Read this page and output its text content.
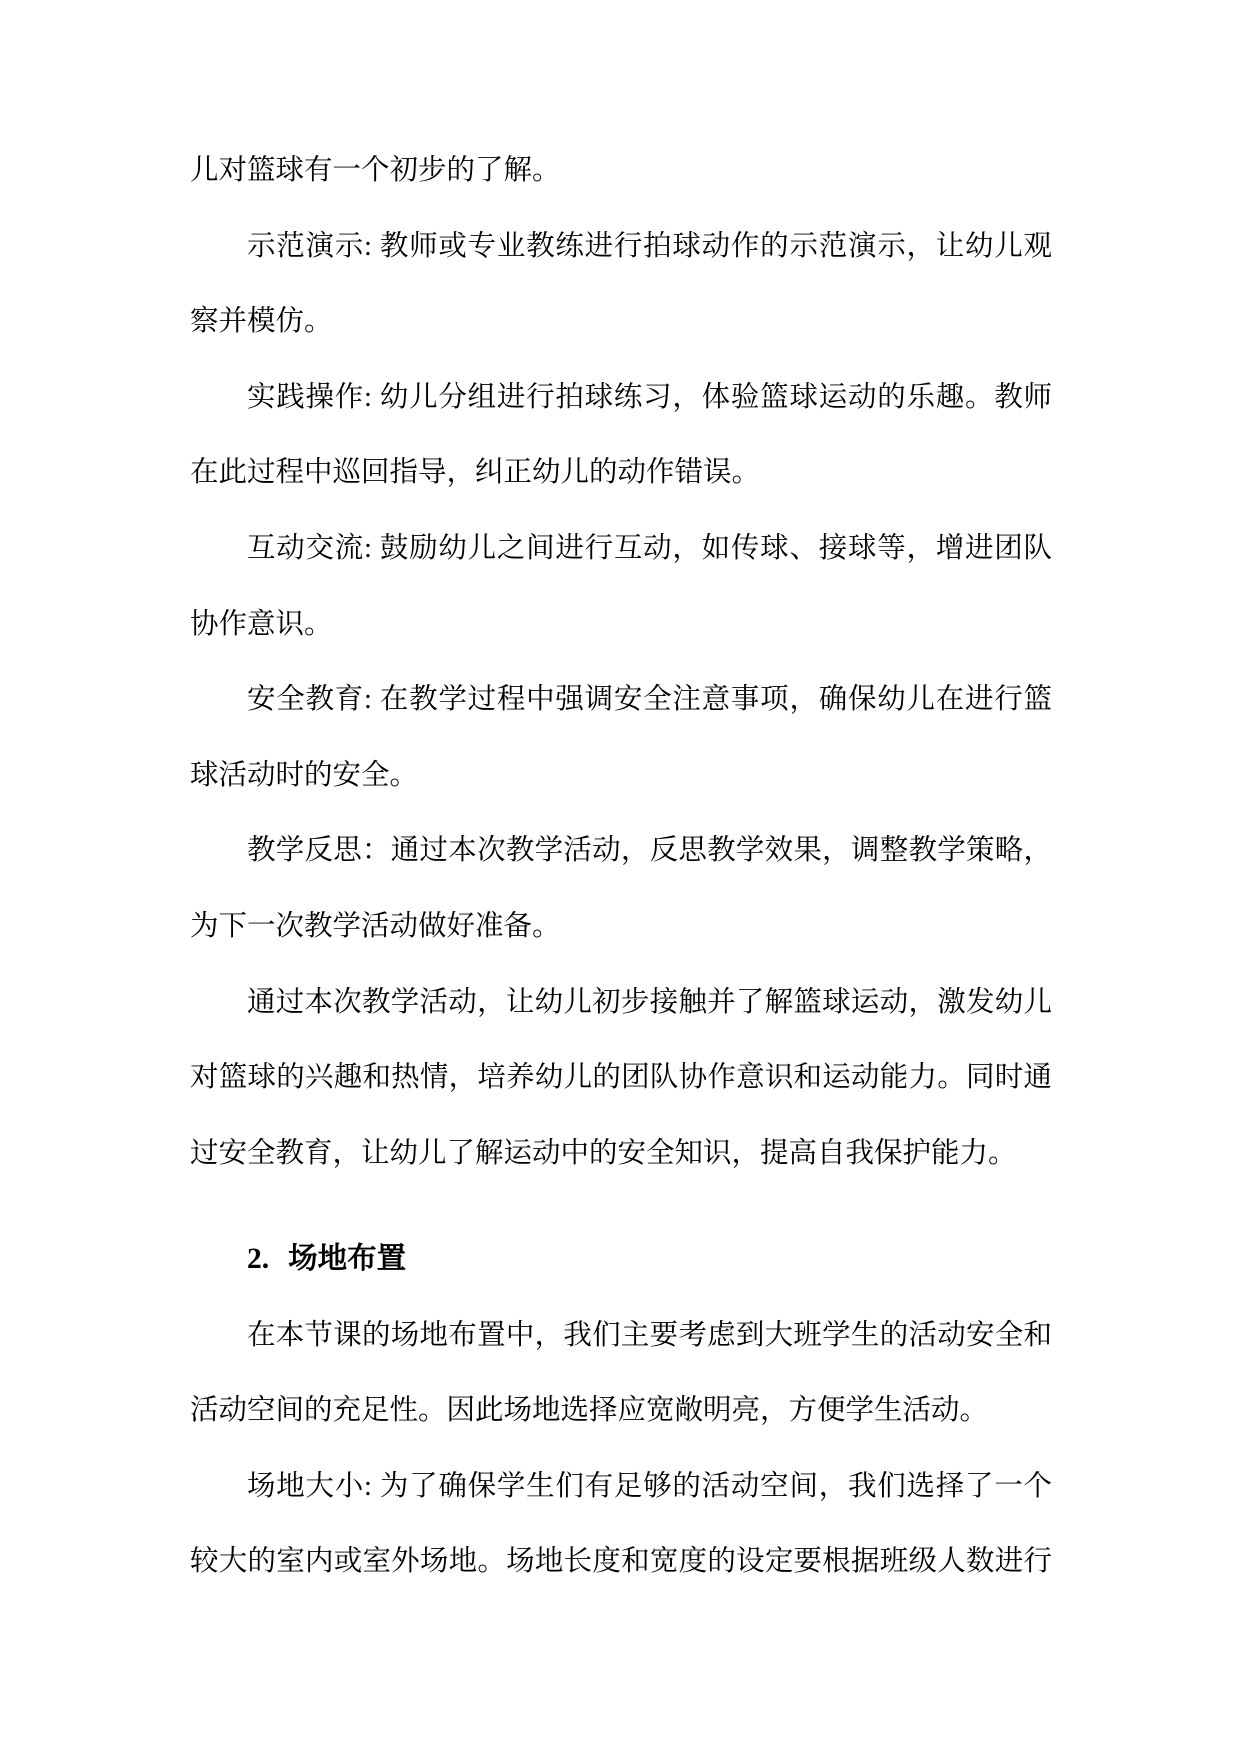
儿对篮球有一个初步的了解。
示范演示: 教师或专业教练进行拍球动作的示范演示，让幼儿观
察并模仿。
实践操作: 幼儿分组进行拍球练习，体验篮球运动的乐趣。教师
在此过程中巡回指导，纠正幼儿的动作错误。
互动交流: 鼓励幼儿之间进行互动，如传球、接球等，增进团队
协作意识。
安全教育: 在教学过程中强调安全注意事项，确保幼儿在进行篮
球活动时的安全。
教学反思：通过本次教学活动，反思教学效果，调整教学策略，
为下一次教学活动做好准备。
通过本次教学活动，让幼儿初步接触并了解篮球运动，激发幼儿
对篮球的兴趣和热情，培养幼儿的团队协作意识和运动能力。同时通
过安全教育，让幼儿了解运动中的安全知识，提高自我保护能力。
2. 场地布置
在本节课的场地布置中，我们主要考虑到大班学生的活动安全和
活动空间的充足性。因此场地选择应宽敞明亮，方便学生活动。
场地大小: 为了确保学生们有足够的活动空间，我们选择了一个
较大的室内或室外场地。场地长度和宽度的设定要根据班级人数进行
